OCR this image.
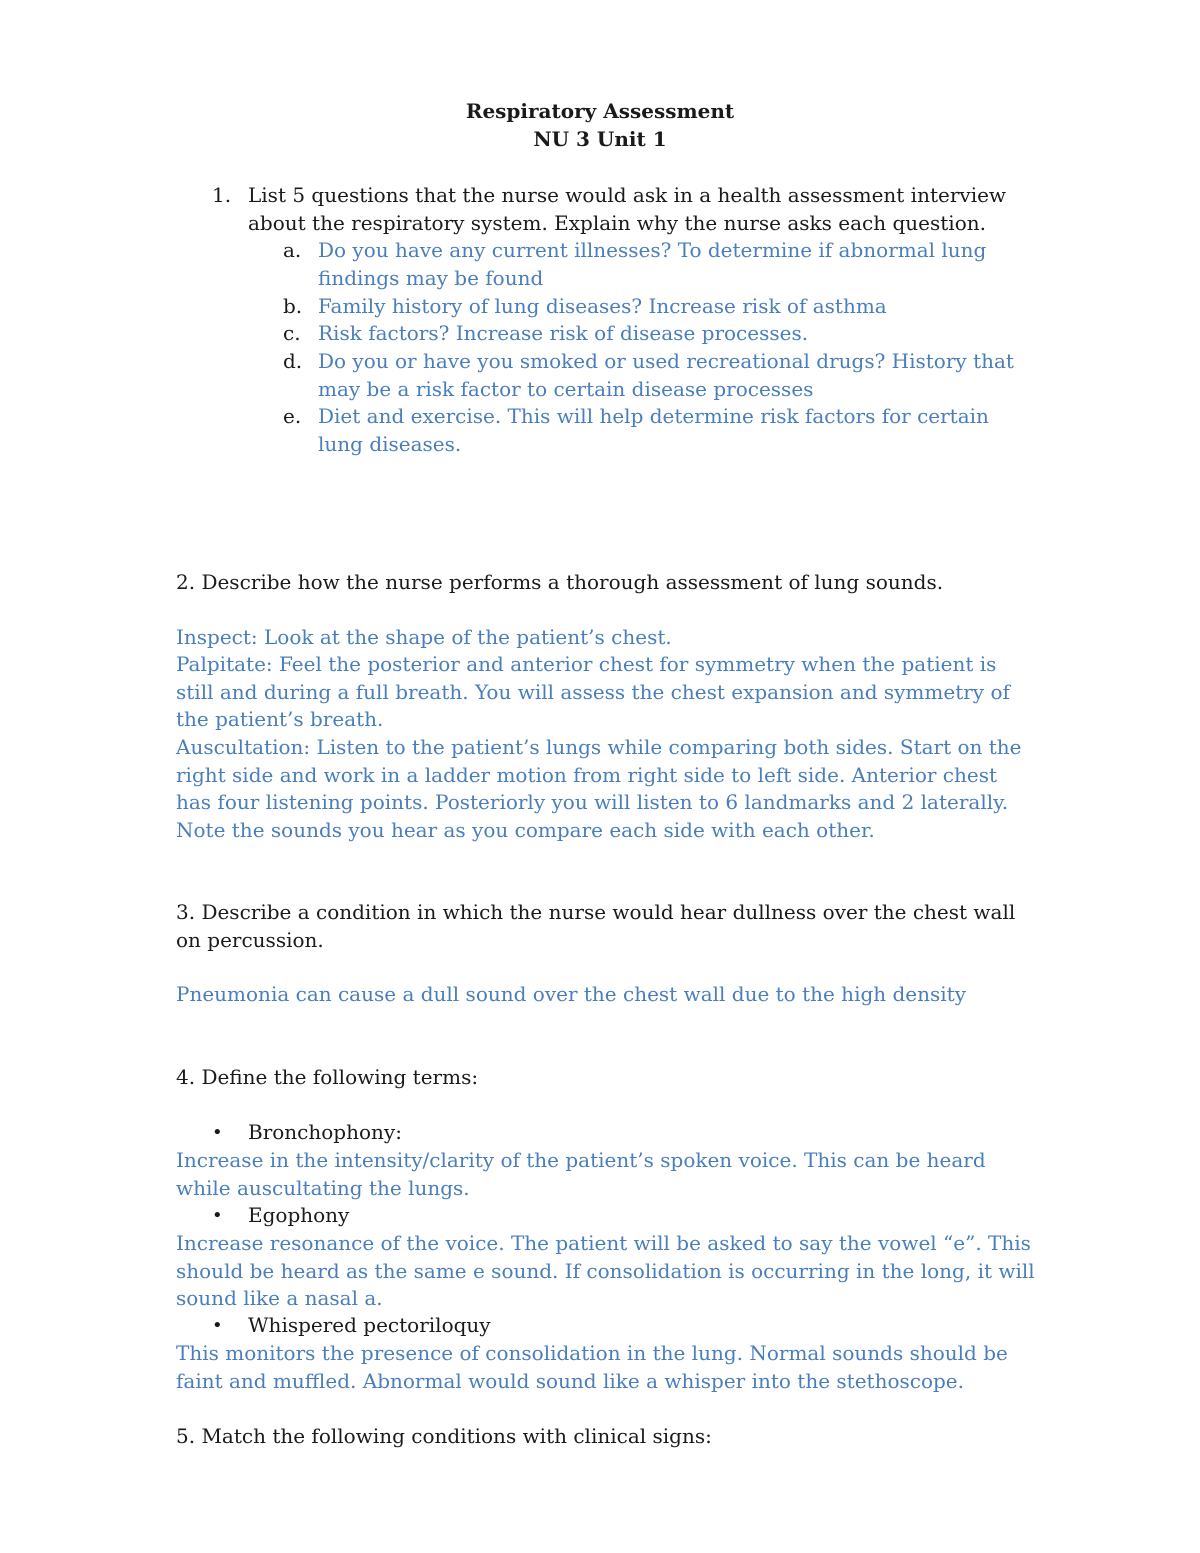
Respiratory Assessment
NU 3 Unit 1
1. List 5 questions that the nurse would ask in a health assessment interview about the respiratory system. Explain why the nurse asks each question.
a. Do you have any current illnesses? To determine if abnormal lung findings may be found
b. Family history of lung diseases? Increase risk of asthma
c. Risk factors? Increase risk of disease processes.
d. Do you or have you smoked or used recreational drugs? History that may be a risk factor to certain disease processes
e. Diet and exercise. This will help determine risk factors for certain lung diseases.
2. Describe how the nurse performs a thorough assessment of lung sounds.
Inspect: Look at the shape of the patient’s chest.
Palpitate: Feel the posterior and anterior chest for symmetry when the patient is still and during a full breath. You will assess the chest expansion and symmetry of the patient’s breath.
Auscultation: Listen to the patient’s lungs while comparing both sides. Start on the right side and work in a ladder motion from right side to left side. Anterior chest has four listening points. Posteriorly you will listen to 6 landmarks and 2 laterally. Note the sounds you hear as you compare each side with each other.
3. Describe a condition in which the nurse would hear dullness over the chest wall on percussion.
Pneumonia can cause a dull sound over the chest wall due to the high density
4. Define the following terms:
• Bronchophony:
Increase in the intensity/clarity of the patient’s spoken voice. This can be heard while auscultating the lungs.
• Egophony
Increase resonance of the voice. The patient will be asked to say the vowel “e”. This should be heard as the same e sound. If consolidation is occurring in the long, it will sound like a nasal a.
• Whispered pectoriloquy
This monitors the presence of consolidation in the lung. Normal sounds should be faint and muffled. Abnormal would sound like a whisper into the stethoscope.
5. Match the following conditions with clinical signs:
